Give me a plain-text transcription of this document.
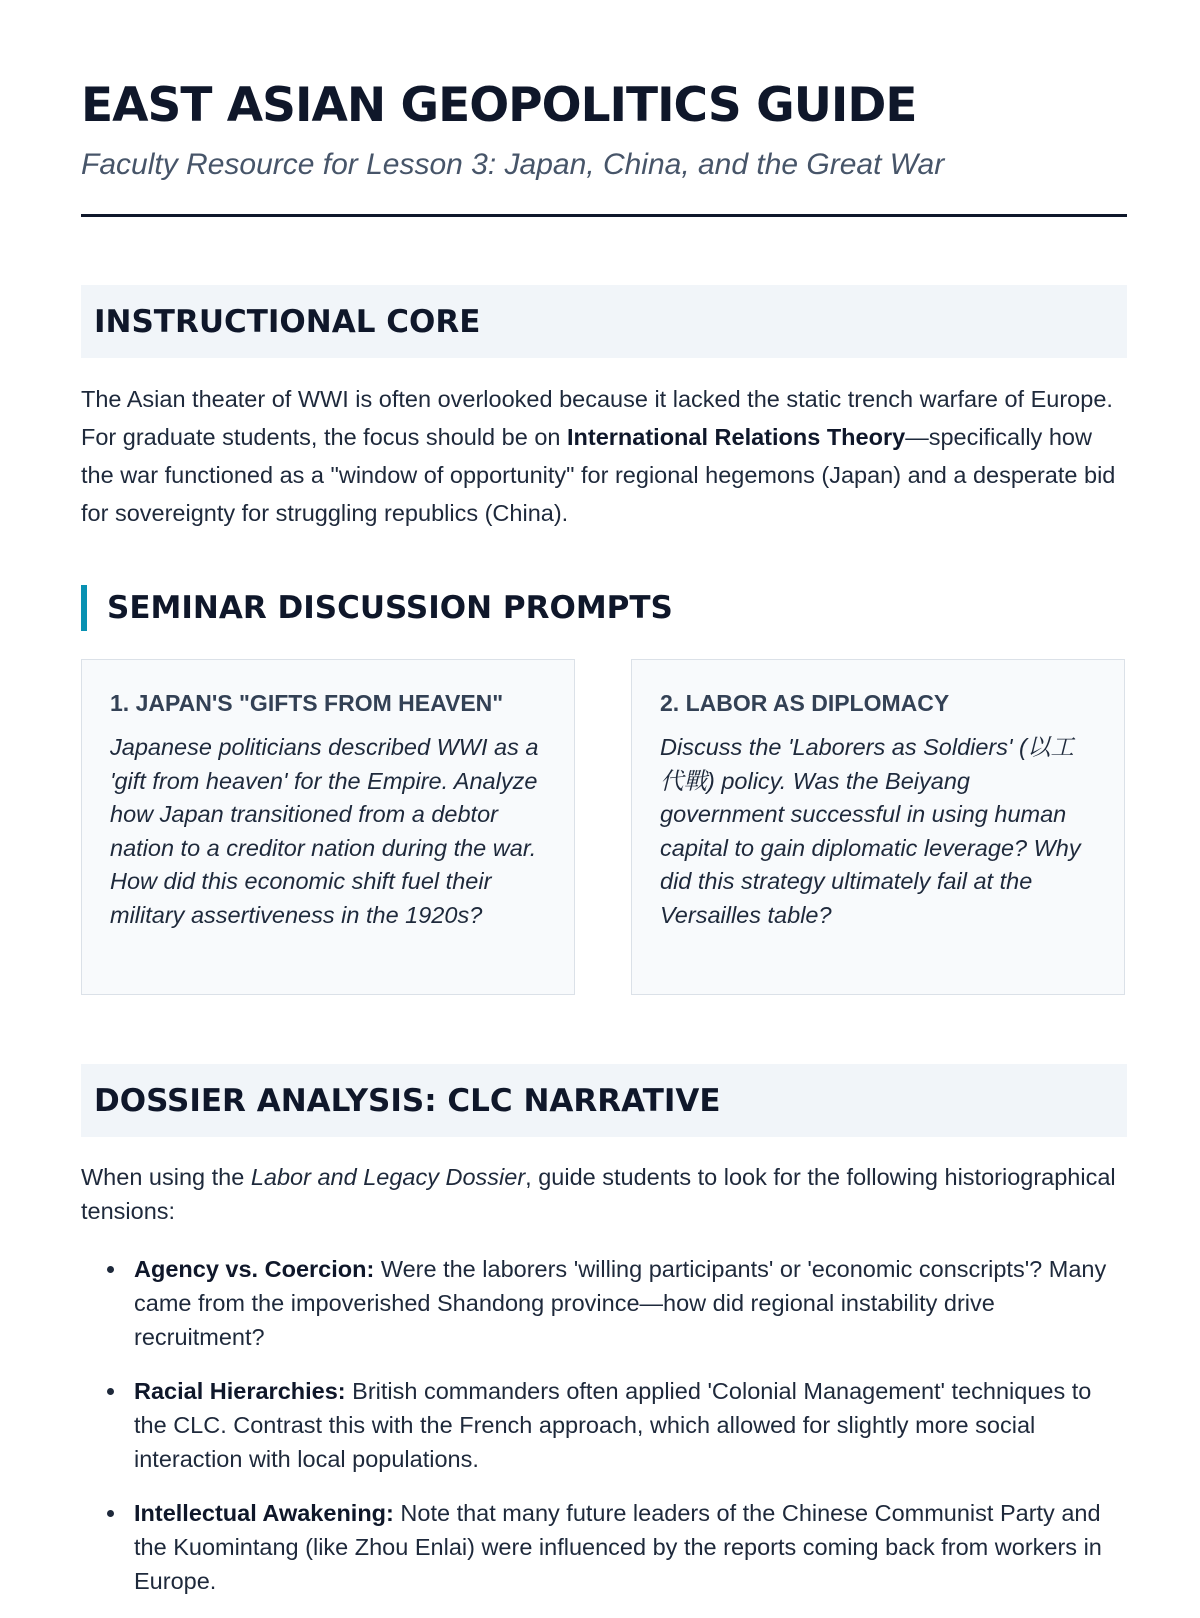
EAST ASIAN GEOPOLITICS GUIDE
Faculty Resource for Lesson 3: Japan, China, and the Great War
INSTRUCTIONAL CORE

The Asian theater of WWI is often overlooked because it lacked the static trench warfare of Europe. For graduate students, the focus should be on International Relations Theory—specifically how the war functioned as a "window of opportunity" for regional hegemons (Japan) and a desperate bid for sovereignty for struggling republics (China).

SEMINAR DISCUSSION PROMPTS
1. JAPAN'S "GIFTS FROM HEAVEN"

Japanese politicians described WWI as a 'gift from heaven' for the Empire. Analyze how Japan transitioned from a debtor nation to a creditor nation during the war. How did this economic shift fuel their military assertiveness in the 1920s?

2. LABOR AS DIPLOMACY

Discuss the 'Laborers as Soldiers' (以工代戰) policy. Was the Beiyang government successful in using human capital to gain diplomatic leverage? Why did this strategy ultimately fail at the Versailles table?

DOSSIER ANALYSIS: CLC NARRATIVE

When using the Labor and Legacy Dossier, guide students to look for the following historiographical tensions:

Agency vs. Coercion: Were the laborers 'willing participants' or 'economic conscripts'? Many came from the impoverished Shandong province—how did regional instability drive recruitment?
Racial Hierarchies: British commanders often applied 'Colonial Management' techniques to the CLC. Contrast this with the French approach, which allowed for slightly more social interaction with local populations.
Intellectual Awakening: Note that many future leaders of the Chinese Communist Party and the Kuomintang (like Zhou Enlai) were influenced by the reports coming back from workers in Europe.
